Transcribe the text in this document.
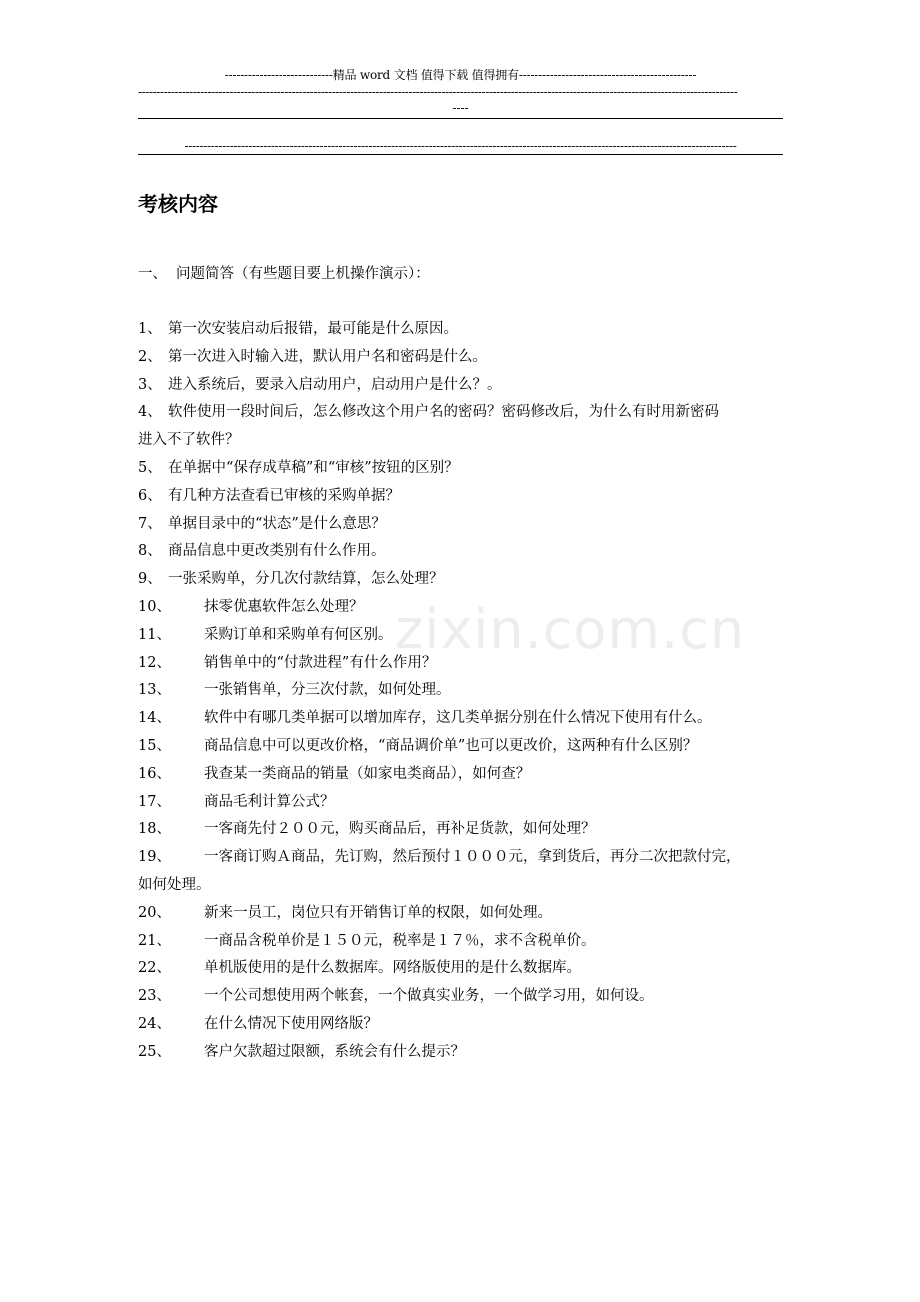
----------------------------精品 word 文档 值得下载 值得拥有----------------------------------------------
--------------------------------------------------------------------------------------------------------------------------------------------------------------------
----
---------------------------------------------------------------------------------------------------------------------------------------------------
考核内容
一、 问题简答（有些题目要上机操作演示）：
zixin.com.cn
1、 第一次安装启动后报错，最可能是什么原因。
2、 第一次进入时输入进，默认用户名和密码是什么。
3、 进入系统后，要录入启动用户，启动用户是什么？。
4、 软件使用一段时间后，怎么修改这个用户名的密码？密码修改后，为什么有时用新密码
进入不了软件？
5、 在单据中“保存成草稿”和“审核”按钮的区别？
6、 有几种方法查看已审核的采购单据？
7、 单据目录中的“状态”是什么意思？
8、 商品信息中更改类别有什么作用。
9、 一张采购单，分几次付款结算，怎么处理？
10、 抹零优惠软件怎么处理？
11、 采购订单和采购单有何区别。
12、 销售单中的“付款进程”有什么作用？
13、 一张销售单，分三次付款，如何处理。
14、 软件中有哪几类单据可以增加库存，这几类单据分别在什么情况下使用有什么。
15、 商品信息中可以更改价格，“商品调价单”也可以更改价，这两种有什么区别？
16、 我查某一类商品的销量（如家电类商品），如何查？
17、 商品毛利计算公式？
18、 一客商先付２００元，购买商品后，再补足货款，如何处理？
19、 一客商订购Ａ商品，先订购，然后预付１０００元，拿到货后，再分二次把款付完，
如何处理。
20、 新来一员工，岗位只有开销售订单的权限，如何处理。
21、 一商品含税单价是１５０元，税率是１７％，求不含税单价。
22、 单机版使用的是什么数据库。网络版使用的是什么数据库。
23、 一个公司想使用两个帐套，一个做真实业务，一个做学习用，如何设。
24、 在什么情况下使用网络版？
25、 客户欠款超过限额，系统会有什么提示？
